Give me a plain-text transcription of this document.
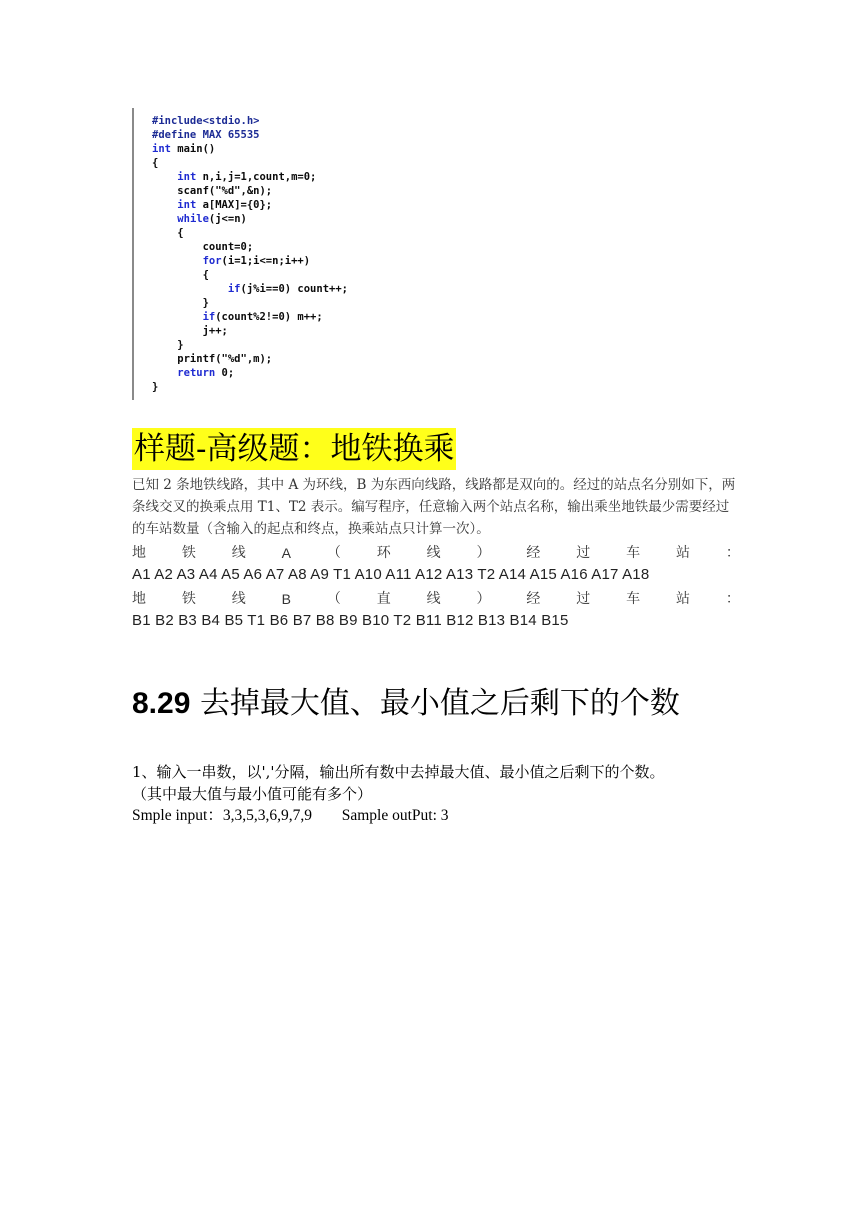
#include<stdio.h>
#define MAX 65535
int main()
{
int n,i,j=1,count,m=0;
scanf("%d",&n);
int a[MAX]={0};
while(j<=n)
{
count=0;
for(i=1;i<=n;i++)
{
if(j%i==0) count++;
}
if(count%2!=0) m++;
j++;
}
printf("%d",m);
return 0;
}
样题-高级题：地铁换乘
已知 2 条地铁线路，其中 A 为环线，B 为东西向线路，线路都是双向的。经过的站点名分别如下，两条线交叉的换乘点用 T1、T2 表示。编写程序，任意输入两个站点名称，输出乘坐地铁最少需要经过的车站数量（含输入的起点和终点，换乘站点只计算一次）。
地	铁	线	A	（	环	线	）	经	过	车	站	：
A1 A2 A3 A4 A5 A6 A7 A8 A9 T1 A10 A11 A12 A13 T2 A14 A15 A16 A17 A18
地	铁	线	B	（	直	线	）	经	过	车	站	：
B1 B2 B3 B4 B5 T1 B6 B7 B8 B9 B10 T2 B11 B12 B13 B14 B15
8.29 去掉最大值、最小值之后剩下的个数
1、输入一串数，以','分隔，输出所有数中去掉最大值、最小值之后剩下的个数。
（其中最大值与最小值可能有多个）
Smple input：3,3,5,3,6,9,7,9 Sample outPut: 3
